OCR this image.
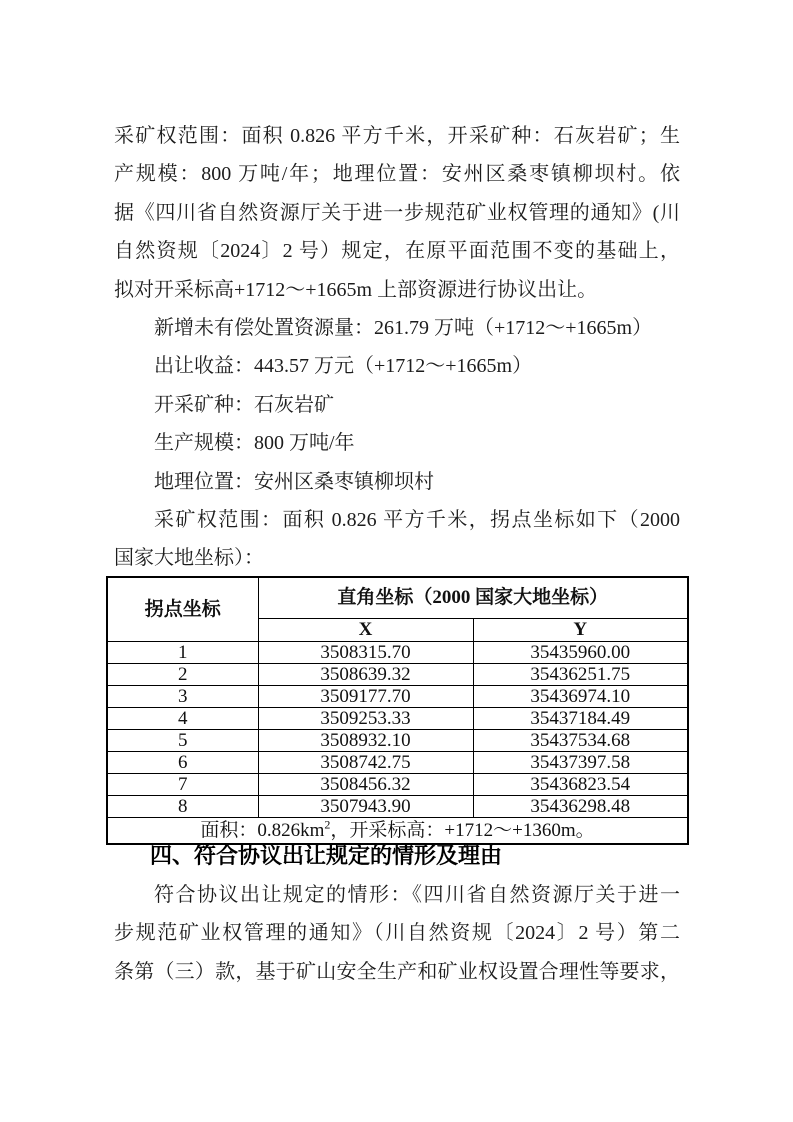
采矿权范围：面积 0.826 平方千米，开采矿种：石灰岩矿；生
产规模：800 万吨/年；地理位置：安州区桑枣镇柳坝村。依
据《四川省自然资源厅关于进一步规范矿业权管理的通知》(川
自然资规〔2024〕2 号）规定，在原平面范围不变的基础上，
拟对开采标高+1712～+1665m 上部资源进行协议出让。
新增未有偿处置资源量：261.79 万吨（+1712～+1665m）
出让收益：443.57 万元（+1712～+1665m）
开采矿种：石灰岩矿
生产规模：800 万吨/年
地理位置：安州区桑枣镇柳坝村
采矿权范围：面积 0.826 平方千米，拐点坐标如下（2000
国家大地坐标）：
拐点坐标	直角坐标（2000 国家大地坐标）	
	X	Y
1	3508315.70	35435960.00
2	3508639.32	35436251.75
3	3509177.70	35436974.10
4	3509253.33	35437184.49
5	3508932.10	35437534.68
6	3508742.75	35437397.58
7	3508456.32	35436823.54
8	3507943.90	35436298.48
面积：$0.826km^2$，开采标高：+1712～+1360m。		
四、符合协议出让规定的情形及理由
符合协议出让规定的情形：《四川省自然资源厅关于进一
步规范矿业权管理的通知》（川自然资规〔2024〕2 号）第二
条第（三）款，基于矿山安全生产和矿业权设置合理性等要求，
